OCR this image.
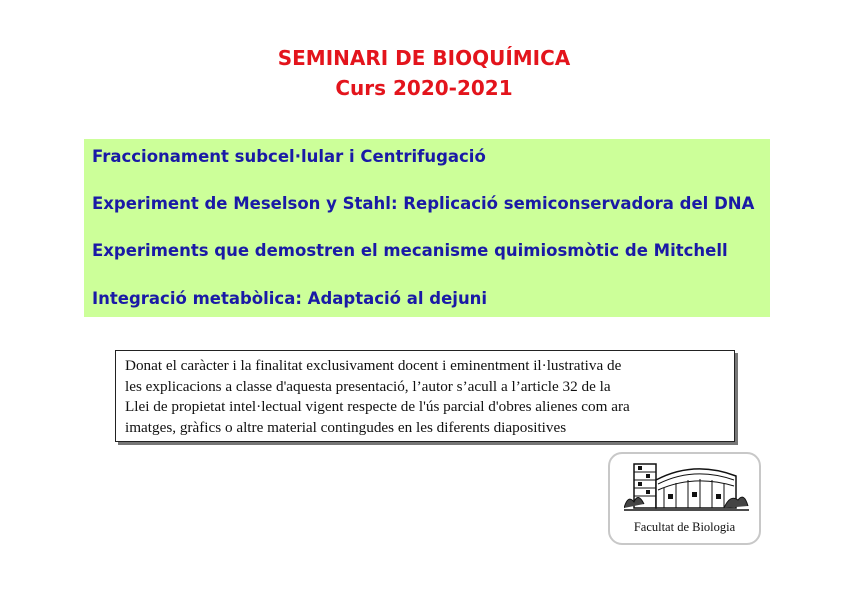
SEMINARI DE BIOQUÍMICA
Curs 2020-2021
Fraccionament subcel·lular i Centrifugació
Experiment de Meselson y Stahl: Replicació semiconservadora del DNA
Experiments que demostren el mecanisme quimiosmòtic de Mitchell
Integració metabòlica: Adaptació al dejuni
Donat el caràcter i la finalitat exclusivament docent i eminentment il·lustrativa de
les explicacions a classe d'aquesta presentació, l’autor s’acull a l’article 32 de la
Llei de propietat intel·lectual vigent respecte de l'ús parcial d'obres alienes com ara
imatges, gràfics o altre material contingudes en les diferents diapositives
Facultat de Biologia
